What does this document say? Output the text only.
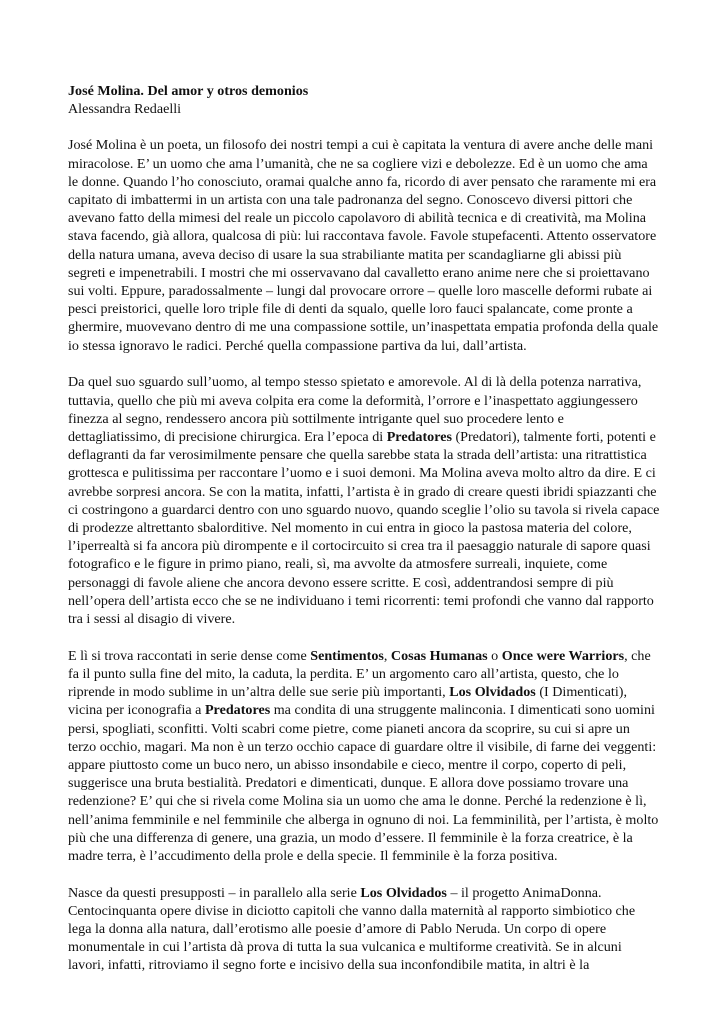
José Molina. Del amor y otros demonios

Alessandra Redaelli

José Molina è un poeta, un filosofo dei nostri tempi a cui è capitata la ventura di avere anche delle mani miracolose. E’ un uomo che ama l’umanità, che ne sa cogliere vizi e debolezze. Ed è un uomo che ama le donne. Quando l’ho conosciuto, oramai qualche anno fa, ricordo di aver pensato che raramente mi era capitato di imbattermi in un artista con una tale padronanza del segno. Conoscevo diversi pittori che avevano fatto della mimesi del reale un piccolo capolavoro di abilità tecnica e di creatività, ma Molina stava facendo, già allora, qualcosa di più: lui raccontava favole. Favole stupefacenti. Attento osservatore della natura umana, aveva deciso di usare la sua strabiliante matita per scandagliarne gli abissi più segreti e impenetrabili. I mostri che mi osservavano dal cavalletto erano anime nere che si proiettavano sui volti. Eppure, paradossalmente – lungi dal provocare orrore – quelle loro mascelle deformi rubate ai pesci preistorici, quelle loro triple file di denti da squalo, quelle loro fauci spalancate, come pronte a ghermire, muovevano dentro di me una compassione sottile, un’inaspettata empatia profonda della quale io stessa ignoravo le radici. Perché quella compassione partiva da lui, dall’artista.

Da quel suo sguardo sull’uomo, al tempo stesso spietato e amorevole. Al di là della potenza narrativa, tuttavia, quello che più mi aveva colpita era come la deformità, l’orrore e l’inaspettato aggiungessero finezza al segno, rendessero ancora più sottilmente intrigante quel suo procedere lento e dettagliatissimo, di precisione chirurgica. Era l’epoca di Predatores (Predatori), talmente forti, potenti e deflagranti da far verosimilmente pensare che quella sarebbe stata la strada dell’artista: una ritrattistica grottesca e pulitissima per raccontare l’uomo e i suoi demoni. Ma Molina aveva molto altro da dire. E ci avrebbe sorpresi ancora. Se con la matita, infatti, l’artista è in grado di creare questi ibridi spiazzanti che ci costringono a guardarci dentro con uno sguardo nuovo, quando sceglie l’olio su tavola si rivela capace di prodezze altrettanto sbalorditive. Nel momento in cui entra in gioco la pastosa materia del colore, l’iperrealtà si fa ancora più dirompente e il cortocircuito si crea tra il paesaggio naturale di sapore quasi fotografico e le figure in primo piano, reali, sì, ma avvolte da atmosfere surreali, inquiete, come personaggi di favole aliene che ancora devono essere scritte. E così, addentrandosi sempre di più nell’opera dell’artista ecco che se ne individuano i temi ricorrenti: temi profondi che vanno dal rapporto tra i sessi al disagio di vivere.

E lì si trova raccontati in serie dense come Sentimentos, Cosas Humanas o Once were Warriors, che fa il punto sulla fine del mito, la caduta, la perdita. E’ un argomento caro all’artista, questo, che lo riprende in modo sublime in un’altra delle sue serie più importanti, Los Olvidados (I Dimenticati), vicina per iconografia a Predatores ma condita di una struggente malinconia. I dimenticati sono uomini persi, spogliati, sconfitti. Volti scabri come pietre, come pianeti ancora da scoprire, su cui si apre un terzo occhio, magari. Ma non è un terzo occhio capace di guardare oltre il visibile, di farne dei veggenti: appare piuttosto come un buco nero, un abisso insondabile e cieco, mentre il corpo, coperto di peli, suggerisce una bruta bestialità. Predatori e dimenticati, dunque. E allora dove possiamo trovare una redenzione? E’ qui che si rivela come Molina sia un uomo che ama le donne. Perché la redenzione è lì, nell’anima femminile e nel femminile che alberga in ognuno di noi. La femminilità, per l’artista, è molto più che una differenza di genere, una grazia, un modo d’essere. Il femminile è la forza creatrice, è la madre terra, è l’accudimento della prole e della specie. Il femminile è la forza positiva.

Nasce da questi presupposti – in parallelo alla serie Los Olvidados – il progetto AnimaDonna. Centocinquanta opere divise in diciotto capitoli che vanno dalla maternità al rapporto simbiotico che lega la donna alla natura, dall’erotismo alle poesie d’amore di Pablo Neruda. Un corpo di opere monumentale in cui l’artista dà prova di tutta la sua vulcanica e multiforme creatività. Se in alcuni lavori, infatti, ritroviamo il segno forte e incisivo della sua inconfondibile matita, in altri è la
